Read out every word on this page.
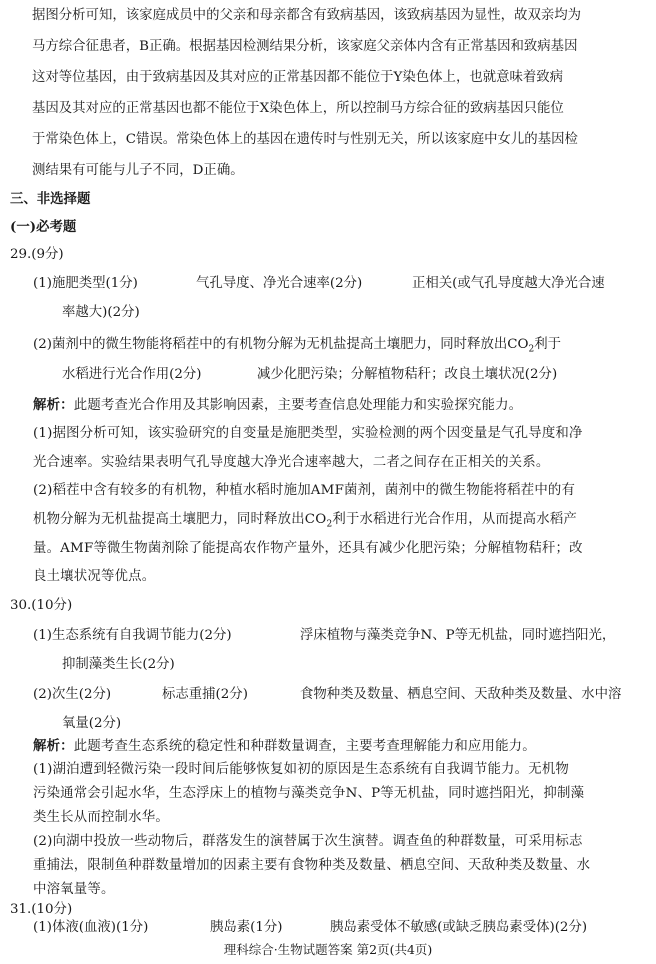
据图分析可知，该家庭成员中的父亲和母亲都含有致病基因，该致病基因为显性，故双亲均为
马方综合征患者，B正确。根据基因检测结果分析，该家庭父亲体内含有正常基因和致病基因
这对等位基因，由于致病基因及其对应的正常基因都不能位于Y染色体上，也就意味着致病
基因及其对应的正常基因也都不能位于X染色体上，所以控制马方综合征的致病基因只能位
于常染色体上，C错误。常染色体上的基因在遗传时与性别无关，所以该家庭中女儿的基因检
测结果有可能与儿子不同，D正确。
三、非选择题
(一)必考题
29.(9分)
(1)施肥类型(1分)	气孔导度、净光合速率(2分)	正相关(或气孔导度越大净光合速
率越大)(2分)
(2)菌剂中的微生物能将稻茬中的有机物分解为无机盐提高土壤肥力，同时释放出$CO_2$利于
水稻进行光合作用(2分)	减少化肥污染；分解植物秸秆；改良土壤状况(2分)
解析：此题考查光合作用及其影响因素，主要考查信息处理能力和实验探究能力。
(1)据图分析可知，该实验研究的自变量是施肥类型，实验检测的两个因变量是气孔导度和净
光合速率。实验结果表明气孔导度越大净光合速率越大，二者之间存在正相关的关系。
(2)稻茬中含有较多的有机物，种植水稻时施加AMF菌剂，菌剂中的微生物能将稻茬中的有
机物分解为无机盐提高土壤肥力，同时释放出$CO_2$利于水稻进行光合作用，从而提高水稻产
量。AMF等微生物菌剂除了能提高农作物产量外，还具有减少化肥污染；分解植物秸秆；改
良土壤状况等优点。
30.(10分)
(1)生态系统有自我调节能力(2分)	浮床植物与藻类竞争N、P等无机盐，同时遮挡阳光，
抑制藻类生长(2分)
(2)次生(2分)	标志重捕(2分)	食物种类及数量、栖息空间、天敌种类及数量、水中溶
氧量(2分)
解析：此题考查生态系统的稳定性和种群数量调查，主要考查理解能力和应用能力。
(1)湖泊遭到轻微污染一段时间后能够恢复如初的原因是生态系统有自我调节能力。无机物
污染通常会引起水华，生态浮床上的植物与藻类竞争N、P等无机盐，同时遮挡阳光，抑制藻
类生长从而控制水华。
(2)向湖中投放一些动物后，群落发生的演替属于次生演替。调查鱼的种群数量，可采用标志
重捕法，限制鱼种群数量增加的因素主要有食物种类及数量、栖息空间、天敌种类及数量、水
中溶氧量等。
31.(10分)
(1)体液(血液)(1分)	胰岛素(1分)	胰岛素受体不敏感(或缺乏胰岛素受体)(2分)
理科综合·生物试题答案 第2页(共4页)
